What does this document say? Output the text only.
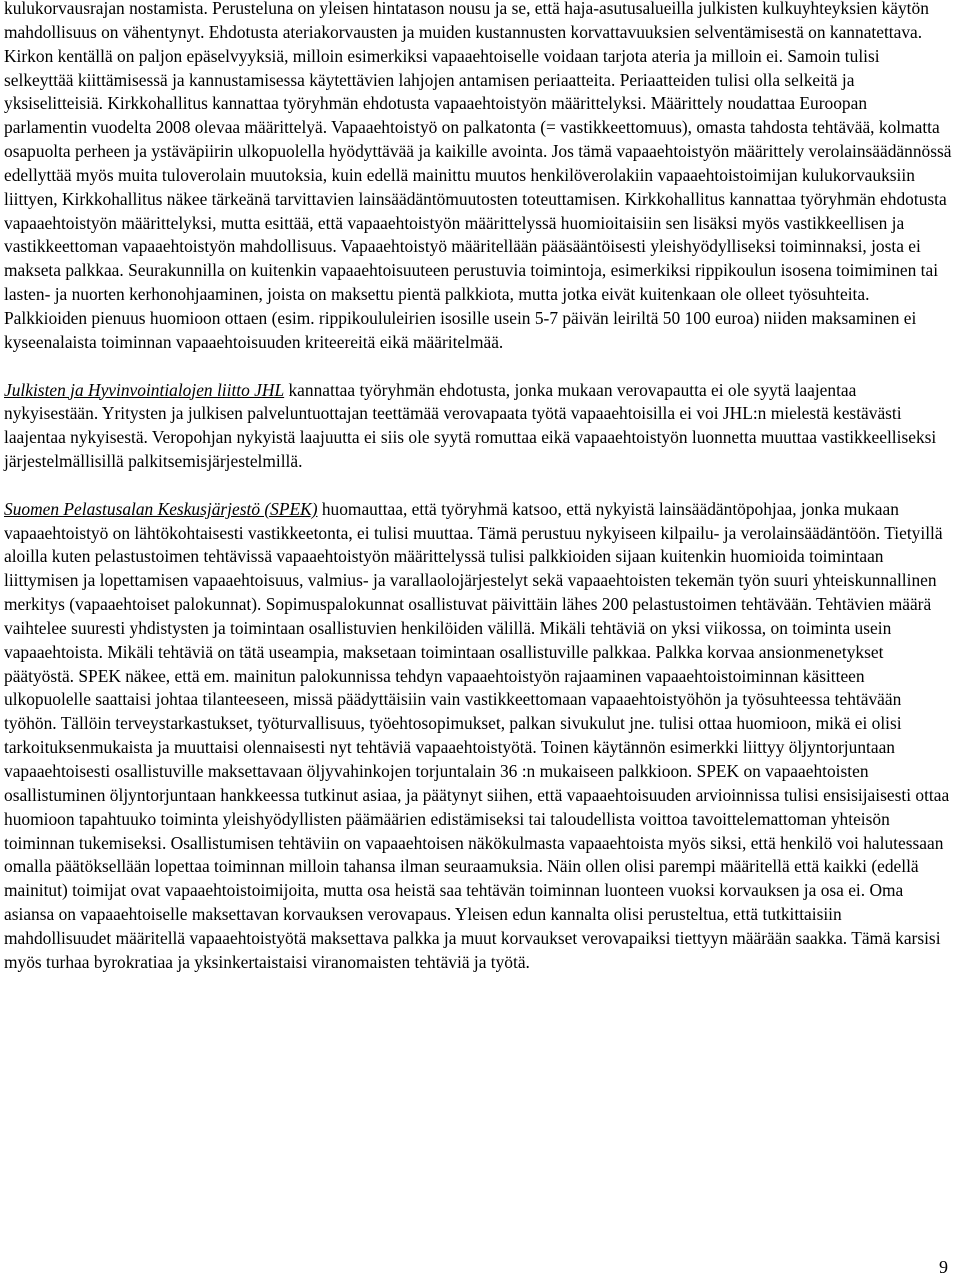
kulukorvausrajan nostamista. Perusteluna on yleisen hintatason nousu ja se, että haja-asutusalueilla julkisten kulkuyhteyksien käytön mahdollisuus on vähentynyt. Ehdotusta ateriakorvausten ja muiden kustannusten korvattavuuksien selventämisestä on kannatettava. Kirkon kentällä on paljon epäselvyyksiä, milloin esimerkiksi vapaaehtoiselle voidaan tarjota ateria ja milloin ei. Samoin tulisi selkeyttää kiittämisessä ja kannustamisessa käytettävien lahjojen antamisen periaatteita. Periaatteiden tulisi olla selkeitä ja yksiselitteisiä. Kirkkohallitus kannattaa työryhmän ehdotusta vapaaehtoistyön määrittelyksi. Määrittely noudattaa Euroopan parlamentin vuodelta 2008 olevaa määrittelyä. Vapaaehtoistyö on palkatonta (= vastikkeettomuus), omasta tahdosta tehtävää, kolmatta osapuolta perheen ja ystäväpiirin ulkopuolella hyödyttävää ja kaikille avointa. Jos tämä vapaaehtoistyön määrittely verolainsäädännössä edellyttää myös muita tuloverolain muutoksia, kuin edellä mainittu muutos henkilöverolakiin vapaaehtoistoimijan kulukorvauksiin liittyen, Kirkkohallitus näkee tärkeänä tarvittavien lainsäädäntömuutosten toteuttamisen. Kirkkohallitus kannattaa työryhmän ehdotusta vapaaehtoistyön määrittelyksi, mutta esittää, että vapaaehtoistyön määrittelyssä huomioitaisiin sen lisäksi myös vastikkeellisen ja vastikkeettoman vapaaehtoistyön mahdollisuus. Vapaaehtoistyö määritellään pääsääntöisesti yleishyödylliseksi toiminnaksi, josta ei makseta palkkaa. Seurakunnilla on kuitenkin vapaaehtoisuuteen perustuvia toimintoja, esimerkiksi rippikoulun isosena toimiminen tai lasten- ja nuorten kerhonohjaaminen, joista on maksettu pientä palkkiota, mutta jotka eivät kuitenkaan ole olleet työsuhteita. Palkkioiden pienuus huomioon ottaen (esim. rippikoululeirien isosille usein 5-7 päivän leiriltä 50 100 euroa) niiden maksaminen ei kyseenalaista toiminnan vapaaehtoisuuden kriteereitä eikä määritelmää.

Julkisten ja Hyvinvointialojen liitto JHL kannattaa työryhmän ehdotusta, jonka mukaan verovapautta ei ole syytä laajentaa nykyisestään. Yritysten ja julkisen palveluntuottajan teettämää verovapaata työtä vapaaehtoisilla ei voi JHL:n mielestä kestävästi laajentaa nykyisestä. Veropohjan nykyistä laajuutta ei siis ole syytä romuttaa eikä vapaaehtoistyön luonnetta muuttaa vastikkeelliseksi järjestelmällisillä palkitsemisjärjestelmillä.

Suomen Pelastusalan Keskusjärjestö (SPEK) huomauttaa, että työryhmä katsoo, että nykyistä lainsäädäntöpohjaa, jonka mukaan vapaaehtoistyö on lähtökohtaisesti vastikkeetonta, ei tulisi muuttaa. Tämä perustuu nykyiseen kilpailu- ja verolainsäädäntöön. Tietyillä aloilla kuten pelastustoimen tehtävissä vapaaehtoistyön määrittelyssä tulisi palkkioiden sijaan kuitenkin huomioida toimintaan liittymisen ja lopettamisen vapaaehtoisuus, valmius- ja varallaolojärjestelyt sekä vapaaehtoisten tekemän työn suuri yhteiskunnallinen merkitys (vapaaehtoiset palokunnat). Sopimuspalokunnat osallistuvat päivittäin lähes 200 pelastustoimen tehtävään. Tehtävien määrä vaihtelee suuresti yhdistysten ja toimintaan osallistuvien henkilöiden välillä. Mikäli tehtäviä on yksi viikossa, on toiminta usein vapaaehtoista. Mikäli tehtäviä on tätä useampia, maksetaan toimintaan osallistuville palkkaa. Palkka korvaa ansionmenetykset päätyöstä. SPEK näkee, että em. mainitun palokunnissa tehdyn vapaaehtoistyön rajaaminen vapaaehtoistoiminnan käsitteen ulkopuolelle saattaisi johtaa tilanteeseen, missä päädyttäisiin vain vastikkeettomaan vapaaehtoistyöhön ja työsuhteessa tehtävään työhön. Tällöin terveystarkastukset, työturvallisuus, työehtosopimukset, palkan sivukulut jne. tulisi ottaa huomioon, mikä ei olisi tarkoituksenmukaista ja muuttaisi olennaisesti nyt tehtäviä vapaaehtoistyötä. Toinen käytännön esimerkki liittyy öljyntorjuntaan vapaaehtoisesti osallistuville maksettavaan öljyvahinkojen torjuntalain 36 :n mukaiseen palkkioon. SPEK on vapaaehtoisten osallistuminen öljyntorjuntaan hankkeessa tutkinut asiaa, ja päätynyt siihen, että vapaaehtoisuuden arvioinnissa tulisi ensisijaisesti ottaa huomioon tapahtuuko toiminta yleishyödyllisten päämäärien edistämiseksi tai taloudellista voittoa tavoittelemattoman yhteisön toiminnan tukemiseksi. Osallistumisen tehtäviin on vapaaehtoisen näkökulmasta vapaaehtoista myös siksi, että henkilö voi halutessaan omalla päätöksellään lopettaa toiminnan milloin tahansa ilman seuraamuksia. Näin ollen olisi parempi määritellä että kaikki (edellä mainitut) toimijat ovat vapaaehtoistoimijoita, mutta osa heistä saa tehtävän toiminnan luonteen vuoksi korvauksen ja osa ei. Oma asiansa on vapaaehtoiselle maksettavan korvauksen verovapaus. Yleisen edun kannalta olisi perusteltua, että tutkittaisiin mahdollisuudet määritellä vapaaehtoistyötä maksettava palkka ja muut korvaukset verovapaiksi tiettyyn määrään saakka. Tämä karsisi myös turhaa byrokratiaa ja yksinkertaistaisi viranomaisten tehtäviä ja työtä.

9
